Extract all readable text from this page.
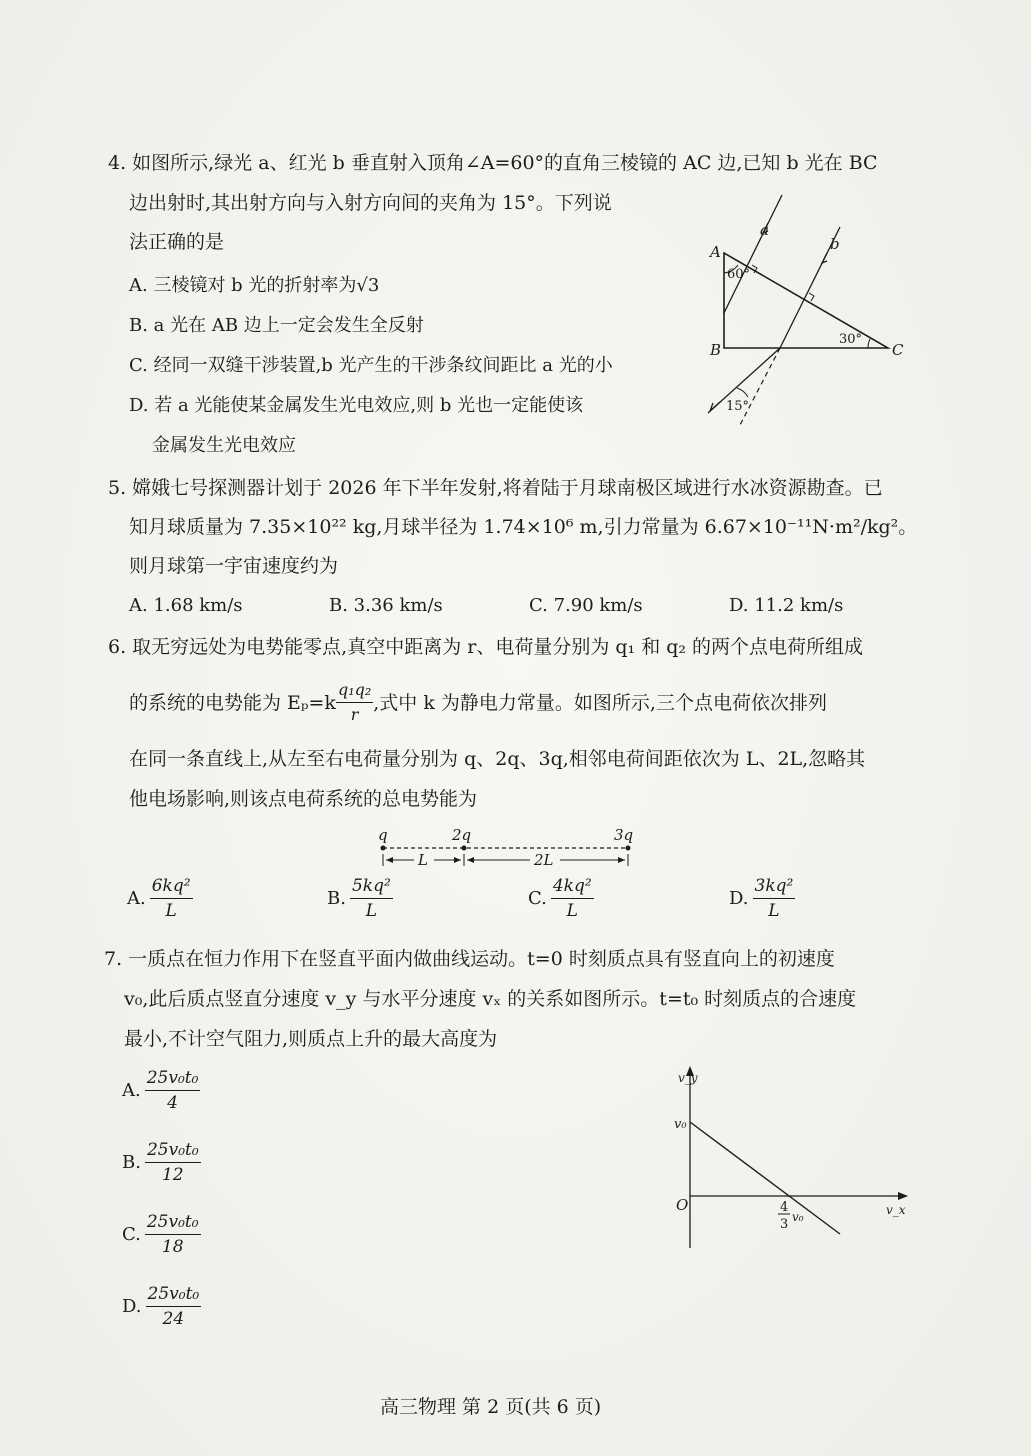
4. 如图所示,绿光 a、红光 b 垂直射入顶角∠A=60°的直角三棱镜的 AC 边,已知 b 光在 BC
边出射时,其出射方向与入射方向间的夹角为 15°。下列说
法正确的是
A. 三棱镜对 b 光的折射率为√3
B. a 光在 AB 边上一定会发生全反射
C. 经同一双缝干涉装置,b 光产生的干涉条纹间距比 a 光的小
D. 若 a 光能使某金属发生光电效应,则 b 光也一定能使该
金属发生光电效应
A
B	C
a
b
60°
30°
15°
5. 嫦娥七号探测器计划于 2026 年下半年发射,将着陆于月球南极区域进行水冰资源勘查。已
知月球质量为 7.35×10²² kg,月球半径为 1.74×10⁶ m,引力常量为 6.67×10⁻¹¹N·m²/kg²。
则月球第一宇宙速度约为
A. 1.68 km/s	B. 3.36 km/s	C. 7.90 km/s	D. 11.2 km/s
6. 取无穷远处为电势能零点,真空中距离为 r、电荷量分别为 q₁ 和 q₂ 的两个点电荷所组成
的系统的电势能为 $E_p=k \frac{\text{q₁q₂}}{r}$ ,式中 k 为静电力常量。如图所示,三个点电荷依次排列
在同一条直线上,从左至右电荷量分别为 q、2q、3q,相邻电荷间距依次为 L、2L,忽略其
他电场影响,则该点电荷系统的总电势能为
q	2q	3q
L	2L
A. $\frac{\text{6kq²}}{L}$	B. $\frac{\text{5kq²}}{L}$	C. $\frac{\text{4kq²}}{L}$	D. $\frac{\text{3kq²}}{L}$
7. 一质点在恒力作用下在竖直平面内做曲线运动。t=0 时刻质点具有竖直向上的初速度
v₀,此后质点竖直分速度 v_y 与水平分速度 vₓ 的关系如图所示。t=t₀ 时刻质点的合速度
最小,不计空气阻力,则质点上升的最大高度为
A. $\frac{\text{25v₀t₀}}{4}$
B. $\frac{\text{25v₀t₀}}{12}$
C. $\frac{\text{25v₀t₀}}{18}$
D. $\frac{\text{25v₀t₀}}{24}$
v_y
v_x
O
v₀
4
3 v₀
高三物理 第 2 页(共 6 页)
